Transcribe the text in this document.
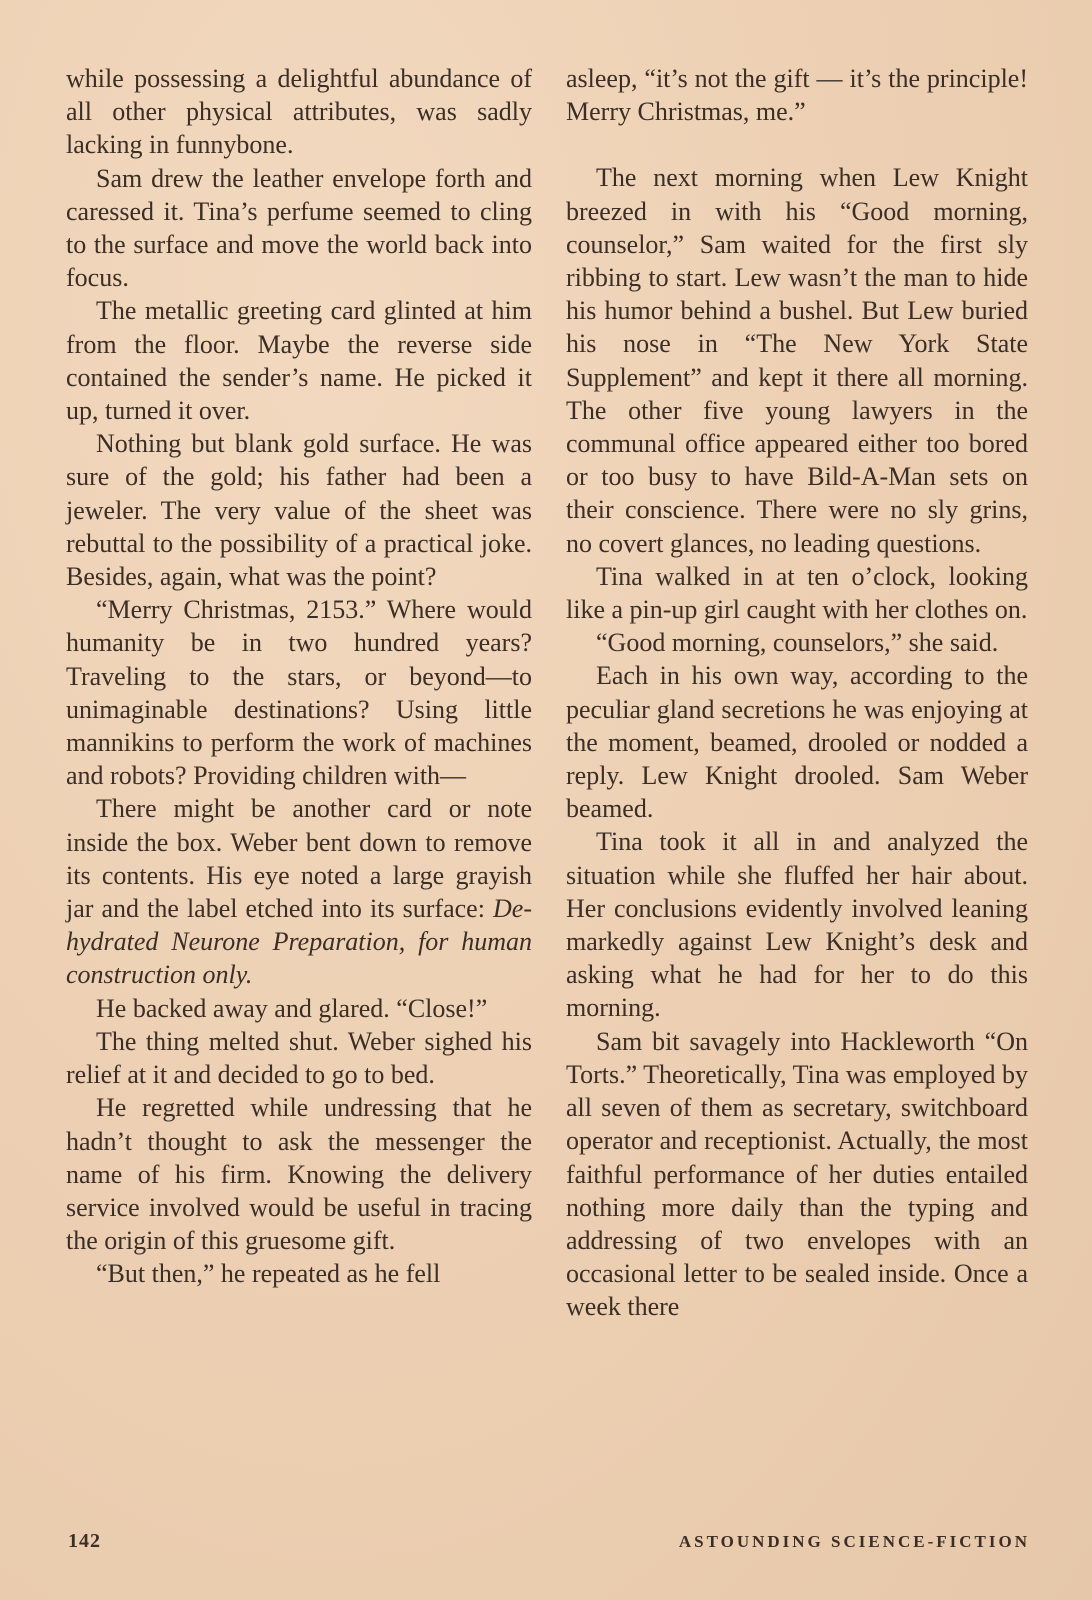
while possessing a delightful abundance of all other physical attributes, was sadly lacking in funnybone.

Sam drew the leather envelope forth and caressed it. Tina’s perfume seemed to cling to the surface and move the world back into focus.

The metallic greeting card glinted at him from the floor. Maybe the reverse side contained the sender’s name. He picked it up, turned it over.

Nothing but blank gold surface. He was sure of the gold; his father had been a jeweler. The very value of the sheet was rebuttal to the possibility of a practical joke. Besides, again, what was the point?

“Merry Christmas, 2153.” Where would humanity be in two hundred years? Traveling to the stars, or beyond—to unimaginable destinations? Using little mannikins to perform the work of machines and robots? Providing children with—

There might be another card or note inside the box. Weber bent down to remove its contents. His eye noted a large grayish jar and the label etched into its surface: Dehydrated Neurone Preparation, for human construction only.

He backed away and glared. “Close!”

The thing melted shut. Weber sighed his relief at it and decided to go to bed.

He regretted while undressing that he hadn’t thought to ask the messenger the name of his firm. Knowing the delivery service involved would be useful in tracing the origin of this gruesome gift.

“But then,” he repeated as he fell

asleep, “it’s not the gift — it’s the principle! Merry Christmas, me.”

The next morning when Lew Knight breezed in with his “Good morning, counselor,” Sam waited for the first sly ribbing to start. Lew wasn’t the man to hide his humor behind a bushel. But Lew buried his nose in “The New York State Supplement” and kept it there all morning. The other five young lawyers in the communal office appeared either too bored or too busy to have Bild-A-Man sets on their conscience. There were no sly grins, no covert glances, no leading questions.

Tina walked in at ten o’clock, looking like a pin-up girl caught with her clothes on.

“Good morning, counselors,” she said.

Each in his own way, according to the peculiar gland secretions he was enjoying at the moment, beamed, drooled or nodded a reply. Lew Knight drooled. Sam Weber beamed.

Tina took it all in and analyzed the situation while she fluffed her hair about. Her conclusions evidently involved leaning markedly against Lew Knight’s desk and asking what he had for her to do this morning.

Sam bit savagely into Hackleworth “On Torts.” Theoretically, Tina was employed by all seven of them as secretary, switchboard operator and receptionist. Actually, the most faithful performance of her duties entailed nothing more daily than the typing and addressing of two envelopes with an occasional letter to be sealed inside. Once a week there

142	ASTOUNDING SCIENCE-FICTION
